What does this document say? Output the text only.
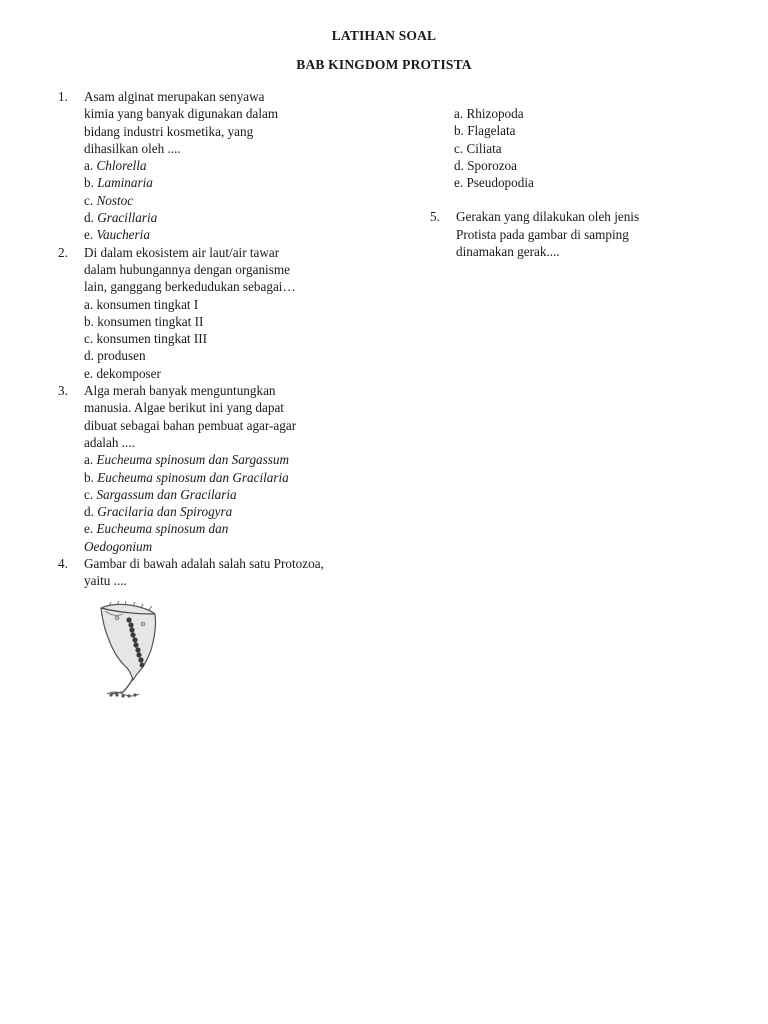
LATIHAN SOAL
BAB KINGDOM PROTISTA
1. Asam alginat merupakan senyawa
kimia yang banyak digunakan dalam
bidang industri kosmetika, yang
dihasilkan oleh ....
a. Chlorella
b. Laminaria
c. Nostoc
d. Gracillaria
e. Vaucheria
2. Di dalam ekosistem air laut/air tawar
dalam hubungannya dengan organisme
lain, ganggang berkedudukan sebagai…
a. konsumen tingkat I
b. konsumen tingkat II
c. konsumen tingkat III
d. produsen
e. dekomposer
3. Alga merah banyak menguntungkan
manusia. Algae berikut ini yang dapat
dibuat sebagai bahan pembuat agar-agar
adalah ....
a. Eucheuma spinosum dan Sargassum
b. Eucheuma spinosum dan Gracilaria
c. Sargassum dan Gracilaria
d. Gracilaria dan Spirogyra
e. Eucheuma spinosum dan
Oedogonium
4. Gambar di bawah adalah salah satu Protozoa,
yaitu ....
a. Rhizopoda
b. Flagelata
c. Ciliata
d. Sporozoa
e. Pseudopodia
5. Gerakan yang dilakukan oleh jenis
Protista pada gambar di samping
dinamakan gerak....
